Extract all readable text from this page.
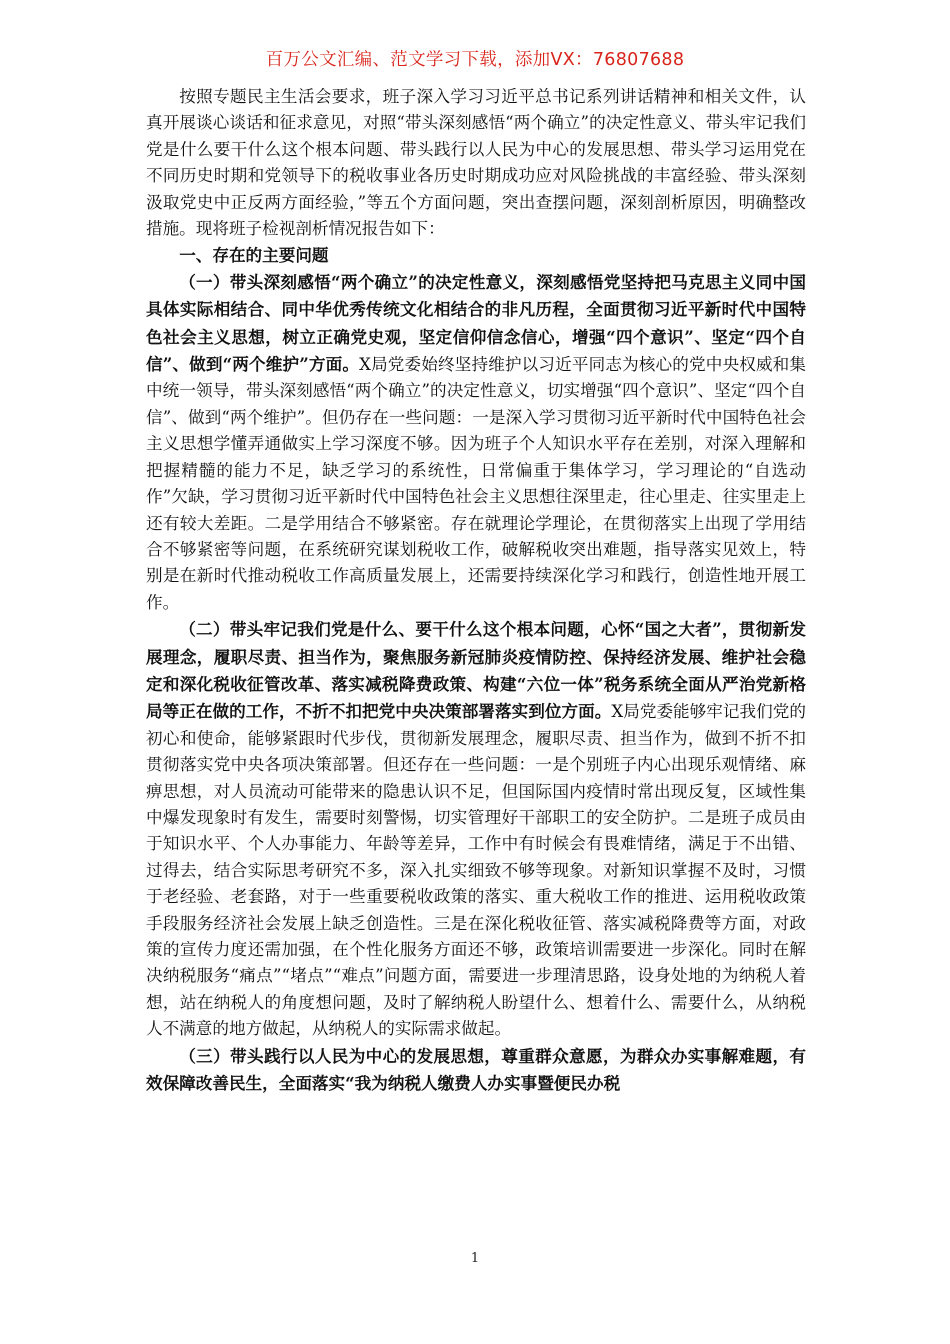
百万公文汇编、范文学习下载，添加VX：76807688

按照专题民主生活会要求，班子深入学习习近平总书记系列讲话精神和相关文件，认真开展谈心谈话和征求意见，对照“带头深刻感悟“两个确立”的决定性意义、带头牢记我们党是什么要干什么这个根本问题、带头践行以人民为中心的发展思想、带头学习运用党在不同历史时期和党领导下的税收事业各历史时期成功应对风险挑战的丰富经验、带头深刻汲取党史中正反两方面经验，”等五个方面问题，突出查摆问题，深刻剖析原因，明确整改措施。现将班子检视剖析情况报告如下：

一、存在的主要问题

（一）带头深刻感悟“两个确立”的决定性意义，深刻感悟党坚持把马克思主义同中国具体实际相结合、同中华优秀传统文化相结合的非凡历程，全面贯彻习近平新时代中国特色社会主义思想，树立正确党史观，坚定信仰信念信心，增强“四个意识”、坚定“四个自信”、做到“两个维护”方面。X局党委始终坚持维护以习近平同志为核心的党中央权威和集中统一领导，带头深刻感悟“两个确立”的决定性意义，切实增强“四个意识”、坚定“四个自信”、做到“两个维护”。但仍存在一些问题：一是深入学习贯彻习近平新时代中国特色社会主义思想学懂弄通做实上学习深度不够。因为班子个人知识水平存在差别，对深入理解和把握精髓的能力不足，缺乏学习的系统性，日常偏重于集体学习，学习理论的“自选动作”欠缺，学习贯彻习近平新时代中国特色社会主义思想往深里走，往心里走、往实里走上还有较大差距。二是学用结合不够紧密。存在就理论学理论，在贯彻落实上出现了学用结合不够紧密等问题，在系统研究谋划税收工作，破解税收突出难题，指导落实见效上，特别是在新时代推动税收工作高质量发展上，还需要持续深化学习和践行，创造性地开展工作。

（二）带头牢记我们党是什么、要干什么这个根本问题，心怀“国之大者”，贯彻新发展理念，履职尽责、担当作为，聚焦服务新冠肺炎疫情防控、保持经济发展、维护社会稳定和深化税收征管改革、落实减税降费政策、构建“六位一体”税务系统全面从严治党新格局等正在做的工作，不折不扣把党中央决策部署落实到位方面。X局党委能够牢记我们党的初心和使命，能够紧跟时代步伐，贯彻新发展理念，履职尽责、担当作为，做到不折不扣贯彻落实党中央各项决策部署。但还存在一些问题：一是个别班子内心出现乐观情绪、麻痹思想，对人员流动可能带来的隐患认识不足，但国际国内疫情时常出现反复，区域性集中爆发现象时有发生，需要时刻警惕，切实管理好干部职工的安全防护。二是班子成员由于知识水平、个人办事能力、年龄等差异，工作中有时候会有畏难情绪，满足于不出错、过得去，结合实际思考研究不多，深入扎实细致不够等现象。对新知识掌握不及时，习惯于老经验、老套路，对于一些重要税收政策的落实、重大税收工作的推进、运用税收政策手段服务经济社会发展上缺乏创造性。三是在深化税收征管、落实减税降费等方面，对政策的宣传力度还需加强，在个性化服务方面还不够，政策培训需要进一步深化。同时在解决纳税服务“痛点”“堵点”“难点”问题方面，需要进一步理清思路，设身处地的为纳税人着想，站在纳税人的角度想问题，及时了解纳税人盼望什么、想着什么、需要什么，从纳税人不满意的地方做起，从纳税人的实际需求做起。

（三）带头践行以人民为中心的发展思想，尊重群众意愿，为群众办实事解难题，有效保障改善民生，全面落实“我为纳税人缴费人办实事暨便民办税

1
